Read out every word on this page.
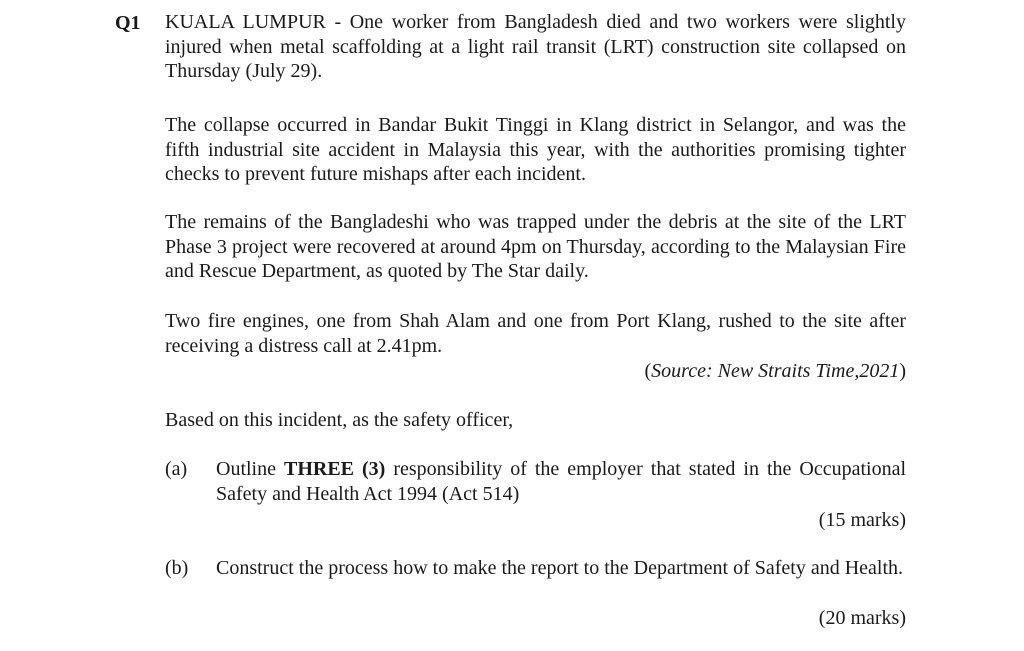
Q1 KUALA LUMPUR - One worker from Bangladesh died and two workers were slightly injured when metal scaffolding at a light rail transit (LRT) construction site collapsed on Thursday (July 29).

The collapse occurred in Bandar Bukit Tinggi in Klang district in Selangor, and was the fifth industrial site accident in Malaysia this year, with the authorities promising tighter checks to prevent future mishaps after each incident.

The remains of the Bangladeshi who was trapped under the debris at the site of the LRT Phase 3 project were recovered at around 4pm on Thursday, according to the Malaysian Fire and Rescue Department, as quoted by The Star daily.

Two fire engines, one from Shah Alam and one from Port Klang, rushed to the site after receiving a distress call at 2.41pm.

(Source: New Straits Time,2021)
Based on this incident, as the safety officer,
(a) Outline THREE (3) responsibility of the employer that stated in the Occupational Safety and Health Act 1994 (Act 514)

(15 marks)
(b) Construct the process how to make the report to the Department of Safety and Health.

(20 marks)
